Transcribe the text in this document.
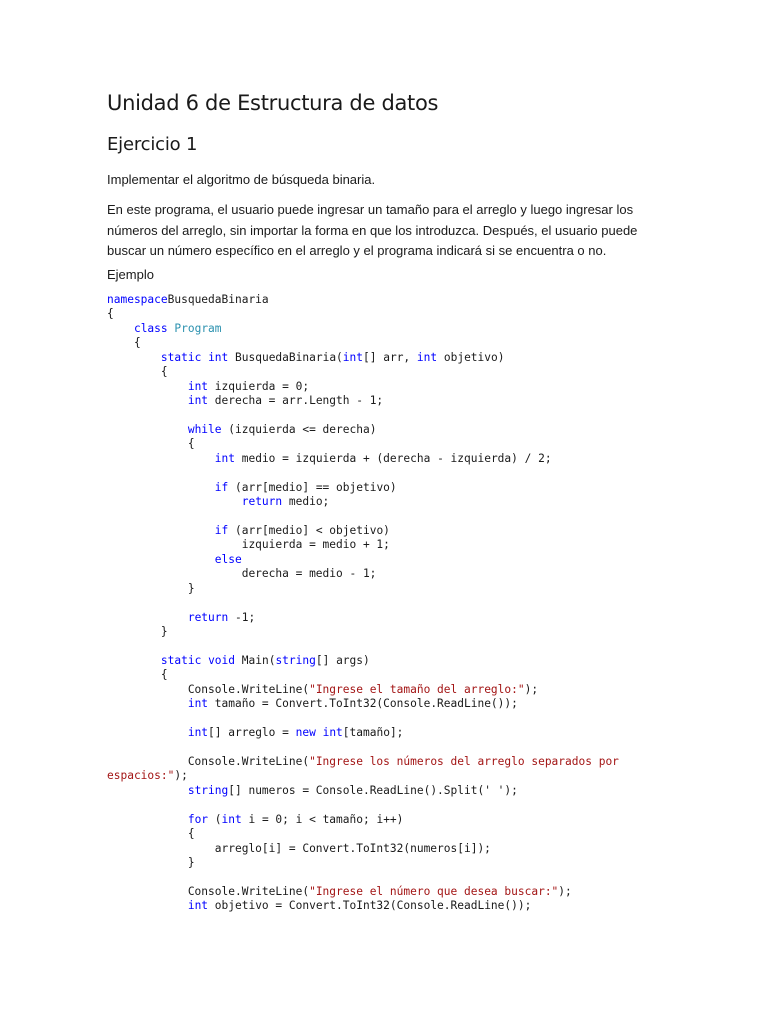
Unidad 6 de Estructura de datos
Ejercicio 1
Implementar el algoritmo de búsqueda binaria.
En este programa, el usuario puede ingresar un tamaño para el arreglo y luego ingresar los
números del arreglo, sin importar la forma en que los introduzca. Después, el usuario puede
buscar un número específico en el arreglo y el programa indicará si se encuentra o no.
Ejemplo
namespaceBusquedaBinaria
{
class Program
{
static int BusquedaBinaria(int[] arr, int objetivo)
{
int izquierda = 0;
int derecha = arr.Length - 1;
while (izquierda <= derecha)
{
int medio = izquierda + (derecha - izquierda) / 2;
if (arr[medio] == objetivo)
return medio;
if (arr[medio] < objetivo)
izquierda = medio + 1;
else
derecha = medio - 1;
}
return -1;
}
static void Main(string[] args)
{
Console.WriteLine("Ingrese el tamaño del arreglo:");
int tamaño = Convert.ToInt32(Console.ReadLine());
int[] arreglo = new int[tamaño];
Console.WriteLine("Ingrese los números del arreglo separados por
espacios:");
string[] numeros = Console.ReadLine().Split(' ');
for (int i = 0; i < tamaño; i++)
{
arreglo[i] = Convert.ToInt32(numeros[i]);
}
Console.WriteLine("Ingrese el número que desea buscar:");
int objetivo = Convert.ToInt32(Console.ReadLine());
